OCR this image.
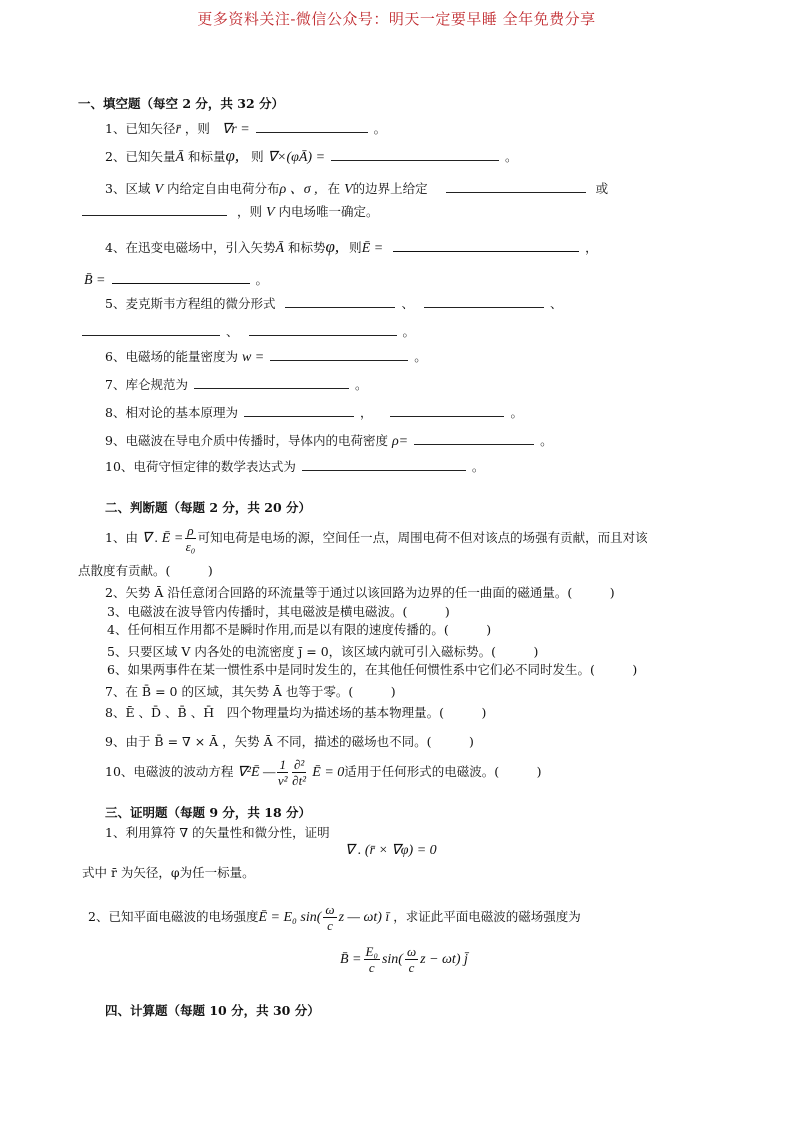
更多资料关注-微信公众号：明天一定要早睡 全年免费分享
一、填空题（每空 2 分，共 32 分）
1、已知矢径r̄ ，则 ∇r =	。
2、已知矢量Ā 和标量φ, 则 ∇×(φĀ) =	。
3、区域 V 内给定自由电荷分布ρ 、σ , 在 V的边界上给定	或
，则 V 内电场唯一确定。
4、在迅变电磁场中，引入矢势Ā 和标势φ, 则Ē =	，
B̄ =	。
5、麦克斯韦方程组的微分形式	、	、
、	。
6、电磁场的能量密度为 w =	。
7、库仑规范为	。
8、相对论的基本原理为	，	。
9、电磁波在导电介质中传播时，导体内的电荷密度 ρ=	。
10、电荷守恒定律的数学表达式为	。
二、判断题（每题 2 分，共 20 分）
1、由 ∇ . Ē = $\frac{\rho}{\text{ε₀}}$ 可知电荷是电场的源，空间任一点，周围电荷不但对该点的场强有贡献，而且对该
点散度有贡献。(　　　)
2、矢势 Ā 沿任意闭合回路的环流量等于通过以该回路为边界的任一曲面的磁通量。(　　　)
3、电磁波在波导管内传播时，其电磁波是横电磁波。(　　　)
4、任何相互作用都不是瞬时作用,而是以有限的速度传播的。(　　　)
5、只要区域 V 内各处的电流密度 j̄ = 0，该区域内就可引入磁标势。(　　　)
6、如果两事件在某一惯性系中是同时发生的，在其他任何惯性系中它们必不同时发生。(　　　)
7、在 B̄ = 0 的区域，其矢势 Ā 也等于零。(　　　)
8、Ē 、D̄ 、B̄ 、H̄　四个物理量均为描述场的基本物理量。(　　　)
9、由于 B̄ = ∇ × Ā ，矢势 Ā 不同，描述的磁场也不同。(　　　)
10、电磁波的波动方程 ∇²Ē — $\frac{1}{\text{v²}} \frac{\text{∂²}}{\text{∂t²}}$ Ē = 0适用于任何形式的电磁波。(　　　)
三、证明题（每题 9 分，共 18 分）
1、利用算符 ∇ 的矢量性和微分性，证明
∇ . (r̄ × ∇φ) = 0
式中 r̄ 为矢径，φ为任一标量。
2、已知平面电磁波的电场强度Ē = E₀ $\sin( \frac{\omega}{c}$ z — ωt) ī ，求证此平面电磁波的磁场强度为
B̄ = $\frac{\text{E₀}}{c} \sin( \frac{\omega}{c}$ z − ωt) j̄
四、计算题（每题 10 分，共 30 分）
